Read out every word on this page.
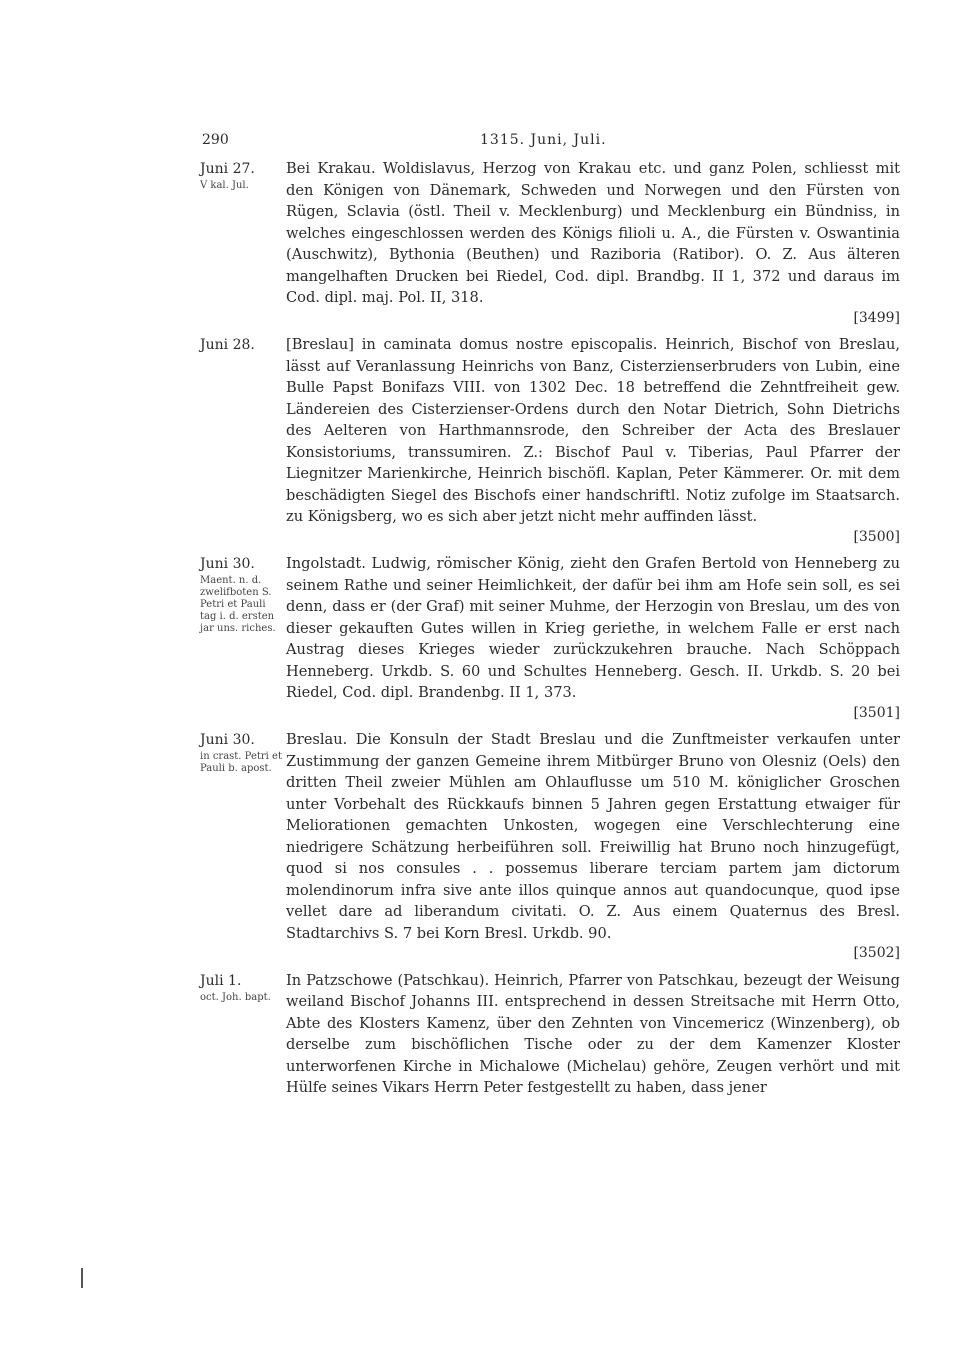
290	1315. Juni, Juli.
Juni 27.
V kal. Jul.
Bei Krakau. Woldislavus, Herzog von Krakau etc. und ganz Polen, schliesst mit den Königen von Dänemark, Schweden und Norwegen und den Fürsten von Rügen, Sclavia (östl. Theil v. Mecklenburg) und Mecklenburg ein Bündniss, in welches eingeschlossen werden des Königs filioli u. A., die Fürsten v. Oswantinia (Auschwitz), Bythonia (Beuthen) und Raziboria (Ratibor). O. Z. Aus älteren mangelhaften Drucken bei Riedel, Cod. dipl. Brandbg. II 1, 372 und daraus im Cod. dipl. maj. Pol. II, 318.
[3499]
Juni 28.	[Breslau] in caminata domus nostre episcopalis. Heinrich, Bischof von Breslau, lässt auf Veranlassung Heinrichs von Banz, Cisterzienserbruders von Lubin, eine Bulle Papst Bonifazs VIII. von 1302 Dec. 18 betreffend die Zehntfreiheit gew. Ländereien des Cisterzienser-Ordens durch den Notar Dietrich, Sohn Dietrichs des Aelteren von Harthmannsrode, den Schreiber der Acta des Breslauer Konsistoriums, transsumiren. Z.: Bischof Paul v. Tiberias, Paul Pfarrer der Liegnitzer Marienkirche, Heinrich bischöfl. Kaplan, Peter Kämmerer. Or. mit dem beschädigten Siegel des Bischofs einer handschriftl. Notiz zufolge im Staatsarch. zu Königsberg, wo es sich aber jetzt nicht mehr auffinden lässt.
[3500]
Juni 30.
Maent. n. d. zwelifboten S. Petri et Pauli tag i. d. ersten jar uns. riches.
Ingolstadt. Ludwig, römischer König, zieht den Grafen Bertold von Henneberg zu seinem Rathe und seiner Heimlichkeit, der dafür bei ihm am Hofe sein soll, es sei denn, dass er (der Graf) mit seiner Muhme, der Herzogin von Breslau, um des von dieser gekauften Gutes willen in Krieg geriethe, in welchem Falle er erst nach Austrag dieses Krieges wieder zurückzukehren brauche. Nach Schöppach Henneberg. Urkdb. S. 60 und Schultes Henneberg. Gesch. II. Urkdb. S. 20 bei Riedel, Cod. dipl. Brandenbg. II 1, 373.
[3501]
Juni 30.
in crast. Petri et Pauli b. apost.
Breslau. Die Konsuln der Stadt Breslau und die Zunftmeister verkaufen unter Zustimmung der ganzen Gemeine ihrem Mitbürger Bruno von Olesniz (Oels) den dritten Theil zweier Mühlen am Ohlauflusse um 510 M. königlicher Groschen unter Vorbehalt des Rückkaufs binnen 5 Jahren gegen Erstattung etwaiger für Meliorationen gemachten Unkosten, wogegen eine Verschlechterung eine niedrigere Schätzung herbeiführen soll. Freiwillig hat Bruno noch hinzugefügt, quod si nos consules . . possemus liberare terciam partem jam dictorum molendinorum infra sive ante illos quinque annos aut quandocunque, quod ipse vellet dare ad liberandum civitati. O. Z. Aus einem Quaternus des Bresl. Stadtarchivs S. 7 bei Korn Bresl. Urkdb. 90.
[3502]
Juli 1.
oct. Joh. bapt.
In Patzschowe (Patschkau). Heinrich, Pfarrer von Patschkau, bezeugt der Weisung weiland Bischof Johanns III. entsprechend in dessen Streitsache mit Herrn Otto, Abte des Klosters Kamenz, über den Zehnten von Vincemericz (Winzenberg), ob derselbe zum bischöflichen Tische oder zu der dem Kamenzer Kloster unterworfenen Kirche in Michalowe (Michelau) gehöre, Zeugen verhört und mit Hülfe seines Vikars Herrn Peter festgestellt zu haben, dass jener
